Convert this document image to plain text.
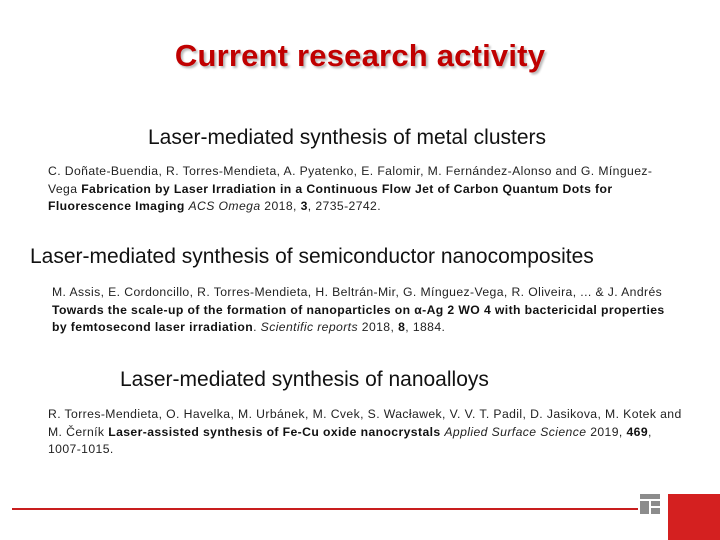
Current research activity
Laser-mediated synthesis of metal clusters
C. Doñate-Buendia, R. Torres-Mendieta, A. Pyatenko, E. Falomir, M. Fernández-Alonso and G. Mínguez-Vega Fabrication by Laser Irradiation in a Continuous Flow Jet of Carbon Quantum Dots for Fluorescence Imaging ACS Omega 2018, 3, 2735-2742.
Laser-mediated synthesis of semiconductor nanocomposites
M. Assis, E. Cordoncillo, R. Torres-Mendieta, H. Beltrán-Mir, G. Mínguez-Vega, R. Oliveira, ... & J. Andrés Towards the scale-up of the formation of nanoparticles on α-Ag 2 WO 4 with bactericidal properties by femtosecond laser irradiation. Scientific reports 2018, 8, 1884.
Laser-mediated synthesis of nanoalloys
R. Torres-Mendieta, O. Havelka, M. Urbánek, M. Cvek, S. Wacławek, V. V. T. Padil, D. Jasikova, M. Kotek and M. Černík Laser-assisted synthesis of Fe-Cu oxide nanocrystals Applied Surface Science 2019, 469, 1007-1015.
